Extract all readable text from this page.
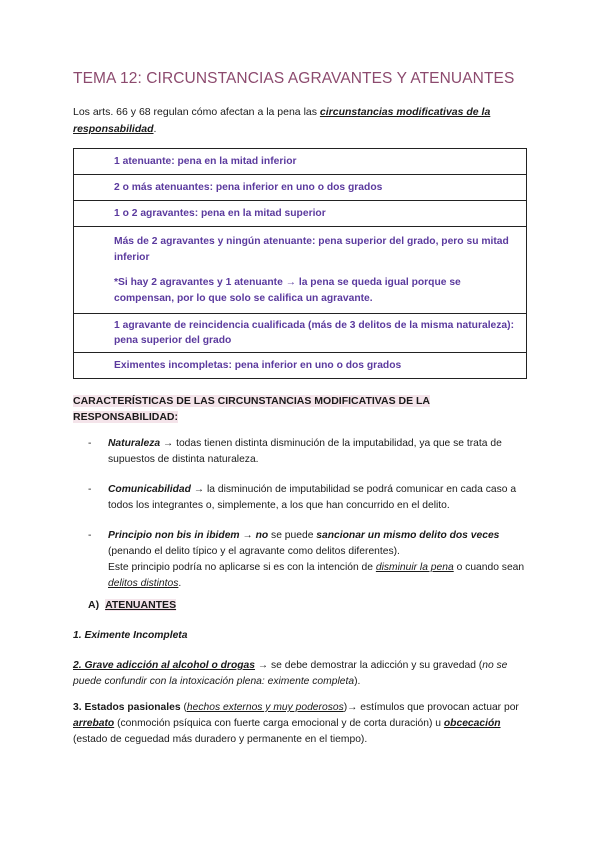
TEMA 12: CIRCUNSTANCIAS AGRAVANTES Y ATENUANTES
Los arts. 66 y 68 regulan cómo afectan a la pena las circunstancias modificativas de la responsabilidad.
1 atenuante: pena en la mitad inferior
2 o más atenuantes: pena inferior en uno o dos grados
1 o 2 agravantes: pena en la mitad superior

Más de 2 agravantes y ningún atenuante: pena superior del grado, pero su mitad inferior
*Si hay 2 agravantes y 1 atenuante → la pena se queda igual porque se compensan, por lo que solo se califica un agravante.

1 agravante de reincidencia cualificada (más de 3 delitos de la misma naturaleza): pena superior del grado
Eximentes incompletas: pena inferior en uno o dos grados
CARACTERÍSTICAS DE LAS CIRCUNSTANCIAS MODIFICATIVAS DE LA RESPONSABILIDAD:
- Naturaleza → todas tienen distinta disminución de la imputabilidad, ya que se trata de supuestos de distinta naturaleza.
- Comunicabilidad → la disminución de imputabilidad se podrá comunicar en cada caso a todos los integrantes o, simplemente, a los que han concurrido en el delito.
- Principio non bis in ibidem → no se puede sancionar un mismo delito dos veces (penando el delito típico y el agravante como delitos diferentes).
Este principio podría no aplicarse si es con la intención de disminuir la pena o cuando sean delitos distintos.
A) ATENUANTES
1. Eximente Incompleta
2. Grave adicción al alcohol o drogas → se debe demostrar la adicción y su gravedad (no se puede confundir con la intoxicación plena: eximente completa).
3. Estados pasionales (hechos externos y muy poderosos)→ estímulos que provocan actuar por arrebato (conmoción psíquica con fuerte carga emocional y de corta duración) u obcecación (estado de ceguedad más duradero y permanente en el tiempo).
